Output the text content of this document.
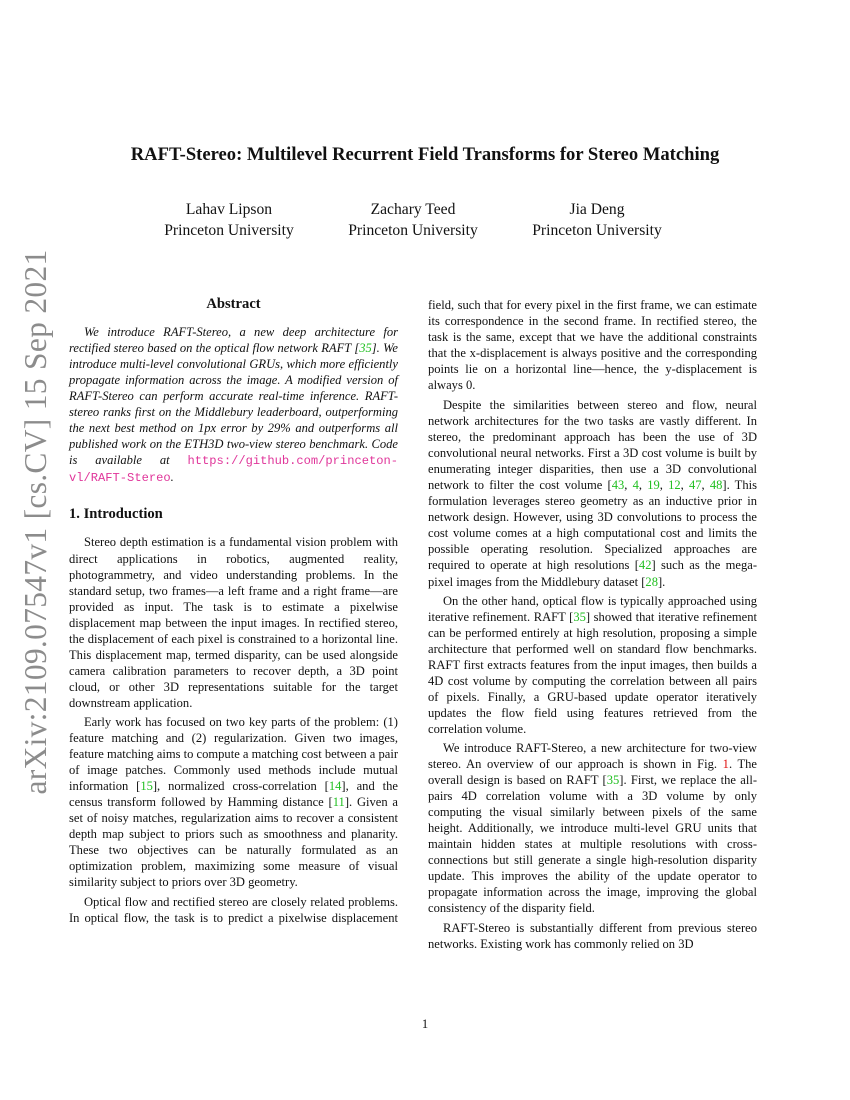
arXiv:2109.07547v1 [cs.CV] 15 Sep 2021
RAFT-Stereo: Multilevel Recurrent Field Transforms for Stereo Matching
Lahav Lipson
Princeton University
Zachary Teed
Princeton University
Jia Deng
Princeton University
Abstract

We introduce RAFT-Stereo, a new deep architecture for rectified stereo based on the optical flow network RAFT [35]. We introduce multi-level convolutional GRUs, which more efficiently propagate information across the image. A modified version of RAFT-Stereo can perform accurate real-time inference. RAFT-stereo ranks first on the Middlebury leaderboard, outperforming the next best method on 1px error by 29% and outperforms all published work on the ETH3D two-view stereo benchmark. Code is available at https://github.com/princeton-vl/RAFT-Stereo.

1. Introduction

Stereo depth estimation is a fundamental vision problem with direct applications in robotics, augmented reality, photogrammetry, and video understanding problems. In the standard setup, two frames—a left frame and a right frame—are provided as input. The task is to estimate a pixelwise displacement map between the input images. In rectified stereo, the displacement of each pixel is constrained to a horizontal line. This displacement map, termed disparity, can be used alongside camera calibration parameters to recover depth, a 3D point cloud, or other 3D representations suitable for the target downstream application.

Early work has focused on two key parts of the problem: (1) feature matching and (2) regularization. Given two images, feature matching aims to compute a matching cost between a pair of image patches. Commonly used methods include mutual information [15], normalized cross-correlation [14], and the census transform followed by Hamming distance [11]. Given a set of noisy matches, regularization aims to recover a consistent depth map subject to priors such as smoothness and planarity. These two objectives can be naturally formulated as an optimization problem, maximizing some measure of visual similarity subject to priors over 3D geometry.

Optical flow and rectified stereo are closely related problems. In optical flow, the task is to predict a pixelwise displacement

field, such that for every pixel in the first frame, we can estimate its correspondence in the second frame. In rectified stereo, the task is the same, except that we have the additional constraints that the x-displacement is always positive and the corresponding points lie on a horizontal line—hence, the y-displacement is always 0.

Despite the similarities between stereo and flow, neural network architectures for the two tasks are vastly different. In stereo, the predominant approach has been the use of 3D convolutional neural networks. First a 3D cost volume is built by enumerating integer disparities, then use a 3D convolutional network to filter the cost volume [43, 4, 19, 12, 47, 48]. This formulation leverages stereo geometry as an inductive prior in network design. However, using 3D convolutions to process the cost volume comes at a high computational cost and limits the possible operating resolution. Specialized approaches are required to operate at high resolutions [42] such as the mega-pixel images from the Middlebury dataset [28].

On the other hand, optical flow is typically approached using iterative refinement. RAFT [35] showed that iterative refinement can be performed entirely at high resolution, proposing a simple architecture that performed well on standard flow benchmarks. RAFT first extracts features from the input images, then builds a 4D cost volume by computing the correlation between all pairs of pixels. Finally, a GRU-based update operator iteratively updates the flow field using features retrieved from the correlation volume.

We introduce RAFT-Stereo, a new architecture for two-view stereo. An overview of our approach is shown in Fig. 1. The overall design is based on RAFT [35]. First, we replace the all-pairs 4D correlation volume with a 3D volume by only computing the visual similarly between pixels of the same height. Additionally, we introduce multi-level GRU units that maintain hidden states at multiple resolutions with cross-connections but still generate a single high-resolution disparity update. This improves the ability of the update operator to propagate information across the image, improving the global consistency of the disparity field.

RAFT-Stereo is substantially different from previous stereo networks. Existing work has commonly relied on 3D

1
